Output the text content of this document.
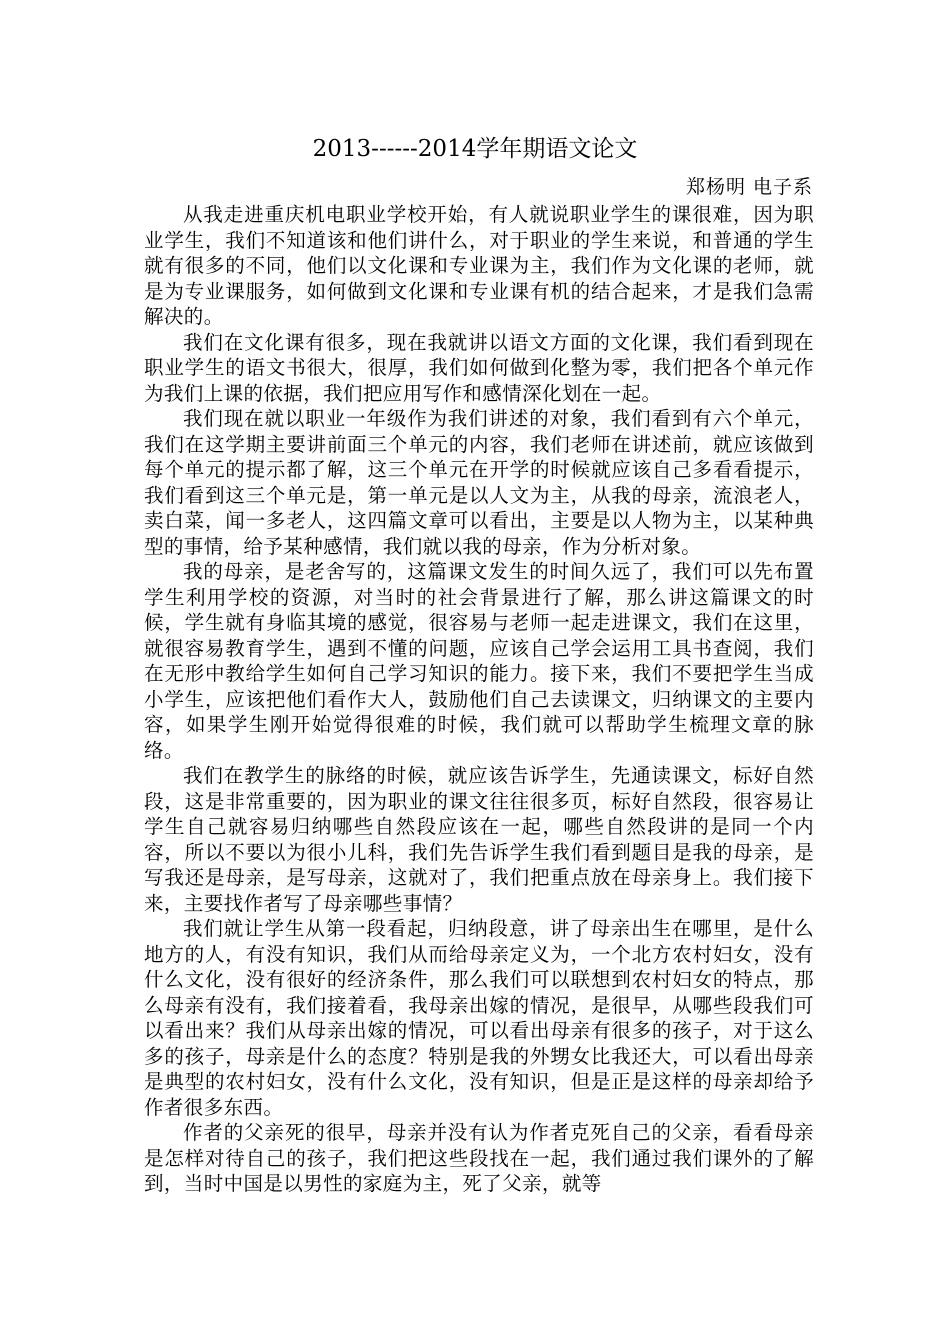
2013------2014学年期语文论文

郑杨明 电子系

从我走进重庆机电职业学校开始，有人就说职业学生的课很难，因为职业学生，我们不知道该和他们讲什么，对于职业的学生来说，和普通的学生就有很多的不同，他们以文化课和专业课为主，我们作为文化课的老师，就是为专业课服务，如何做到文化课和专业课有机的结合起来，才是我们急需解决的。

我们在文化课有很多，现在我就讲以语文方面的文化课，我们看到现在职业学生的语文书很大，很厚，我们如何做到化整为零，我们把各个单元作为我们上课的依据，我们把应用写作和感情深化划在一起。

我们现在就以职业一年级作为我们讲述的对象，我们看到有六个单元，我们在这学期主要讲前面三个单元的内容，我们老师在讲述前，就应该做到每个单元的提示都了解，这三个单元在开学的时候就应该自己多看看提示，我们看到这三个单元是，第一单元是以人文为主，从我的母亲，流浪老人，卖白菜，闻一多老人，这四篇文章可以看出，主要是以人物为主，以某种典型的事情，给予某种感情，我们就以我的母亲，作为分析对象。

我的母亲，是老舍写的，这篇课文发生的时间久远了，我们可以先布置学生利用学校的资源，对当时的社会背景进行了解，那么讲这篇课文的时候，学生就有身临其境的感觉，很容易与老师一起走进课文，我们在这里，就很容易教育学生，遇到不懂的问题，应该自己学会运用工具书查阅，我们在无形中教给学生如何自己学习知识的能力。接下来，我们不要把学生当成小学生，应该把他们看作大人，鼓励他们自己去读课文，归纳课文的主要内容，如果学生刚开始觉得很难的时候，我们就可以帮助学生梳理文章的脉络。

我们在教学生的脉络的时候，就应该告诉学生，先通读课文，标好自然段，这是非常重要的，因为职业的课文往往很多页，标好自然段，很容易让学生自己就容易归纳哪些自然段应该在一起，哪些自然段讲的是同一个内容，所以不要以为很小儿科，我们先告诉学生我们看到题目是我的母亲，是写我还是母亲，是写母亲，这就对了，我们把重点放在母亲身上。我们接下来，主要找作者写了母亲哪些事情？

我们就让学生从第一段看起，归纳段意，讲了母亲出生在哪里，是什么地方的人，有没有知识，我们从而给母亲定义为，一个北方农村妇女，没有什么文化，没有很好的经济条件，那么我们可以联想到农村妇女的特点，那么母亲有没有，我们接着看，我母亲出嫁的情况，是很早，从哪些段我们可以看出来？我们从母亲出嫁的情况，可以看出母亲有很多的孩子，对于这么多的孩子，母亲是什么的态度？特别是我的外甥女比我还大，可以看出母亲是典型的农村妇女，没有什么文化，没有知识，但是正是这样的母亲却给予作者很多东西。

作者的父亲死的很早，母亲并没有认为作者克死自己的父亲，看看母亲是怎样对待自己的孩子，我们把这些段找在一起，我们通过我们课外的了解到，当时中国是以男性的家庭为主，死了父亲，就等
